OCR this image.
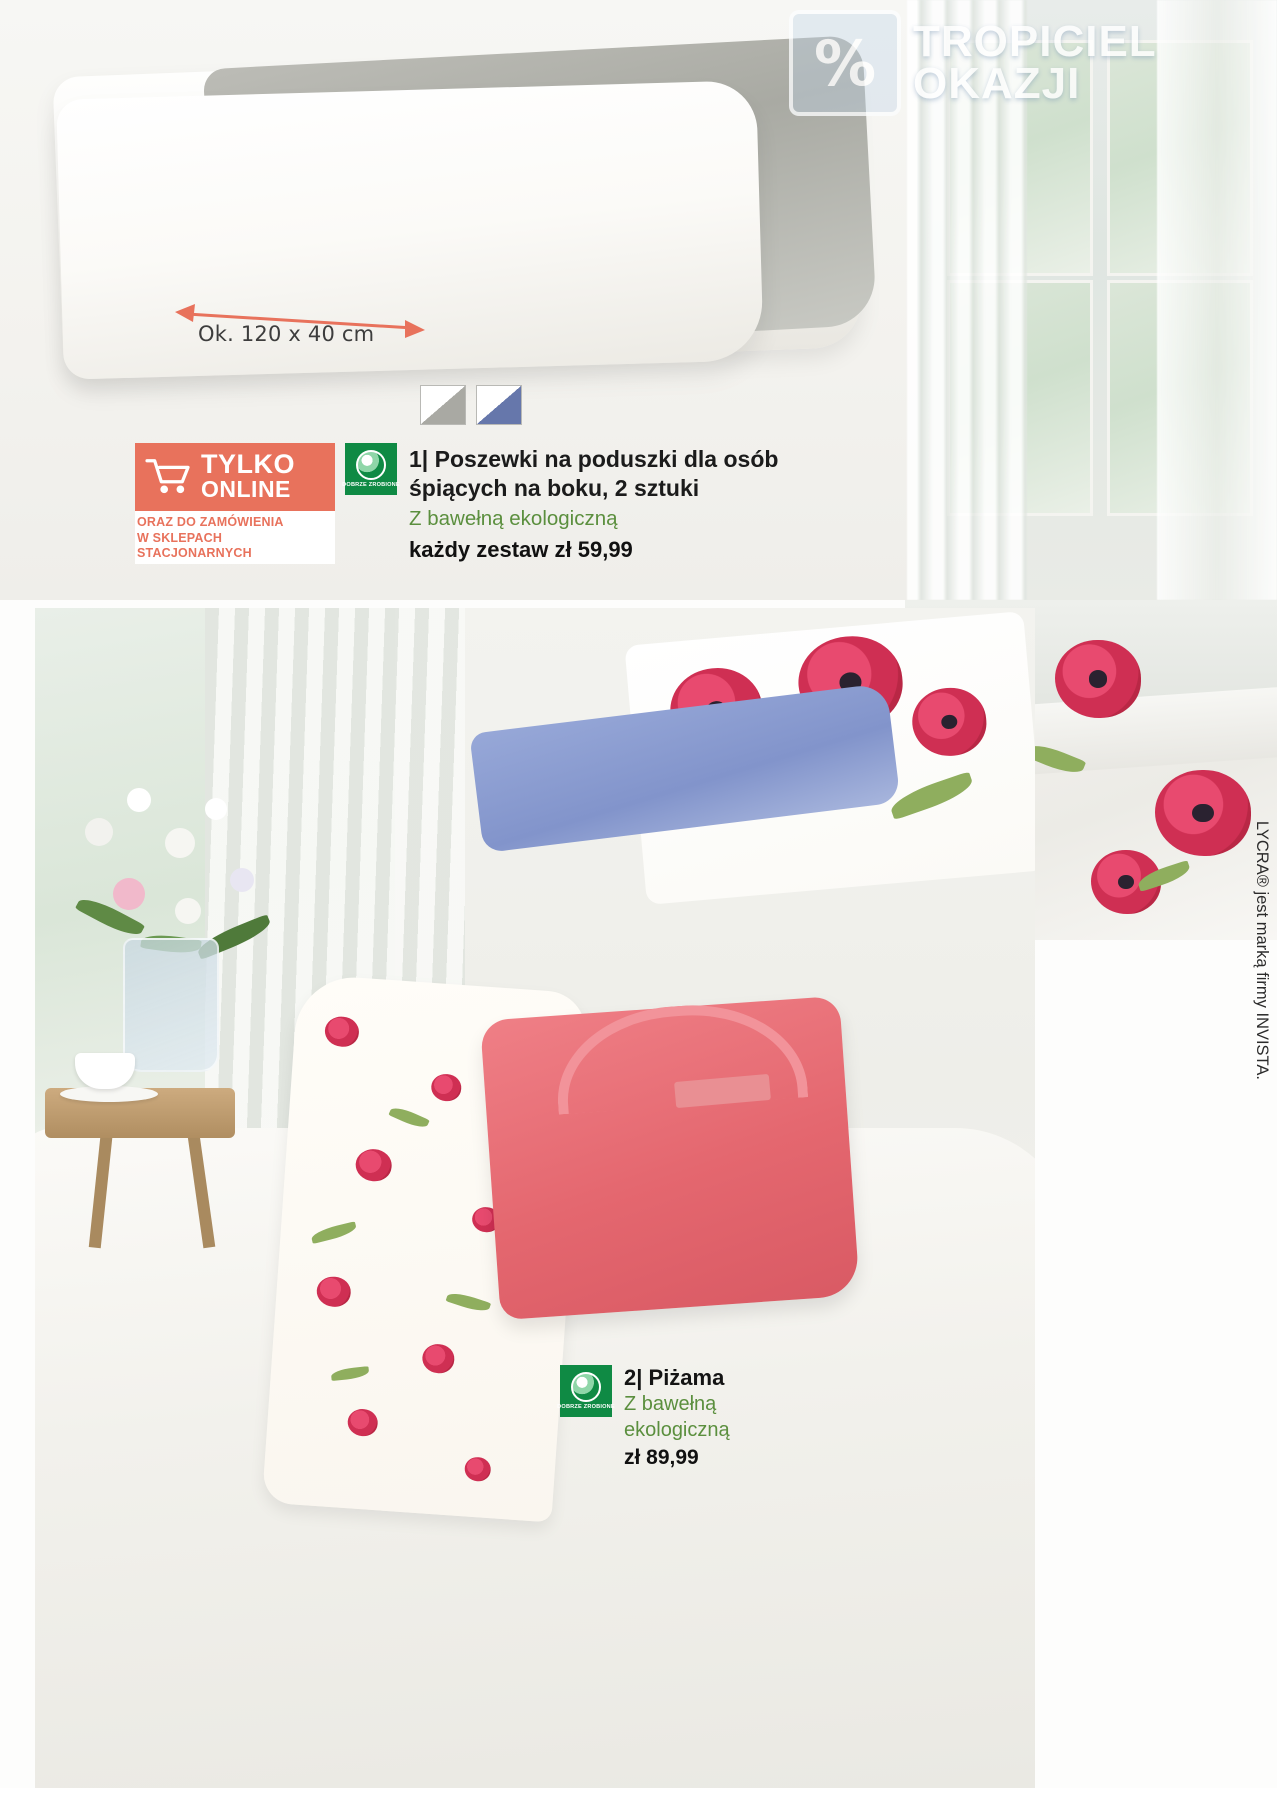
Ok. 120 x 40 cm
% TROPICIEL
OKAZJI
TYLKO
ONLINE
ORAZ DO ZAMÓWIENIA
W SKLEPACH STACJONARNYCH
DOBRZE ZROBIONE
1| Poszewki na poduszki dla osób
śpiących na boku, 2 sztuki
Z bawełną ekologiczną
każdy zestaw zł 59,99
DOBRZE ZROBIONE
2| Piżama
Z bawełną
ekologiczną
zł 89,99
LYCRA® jest marką firmy INVISTA.
